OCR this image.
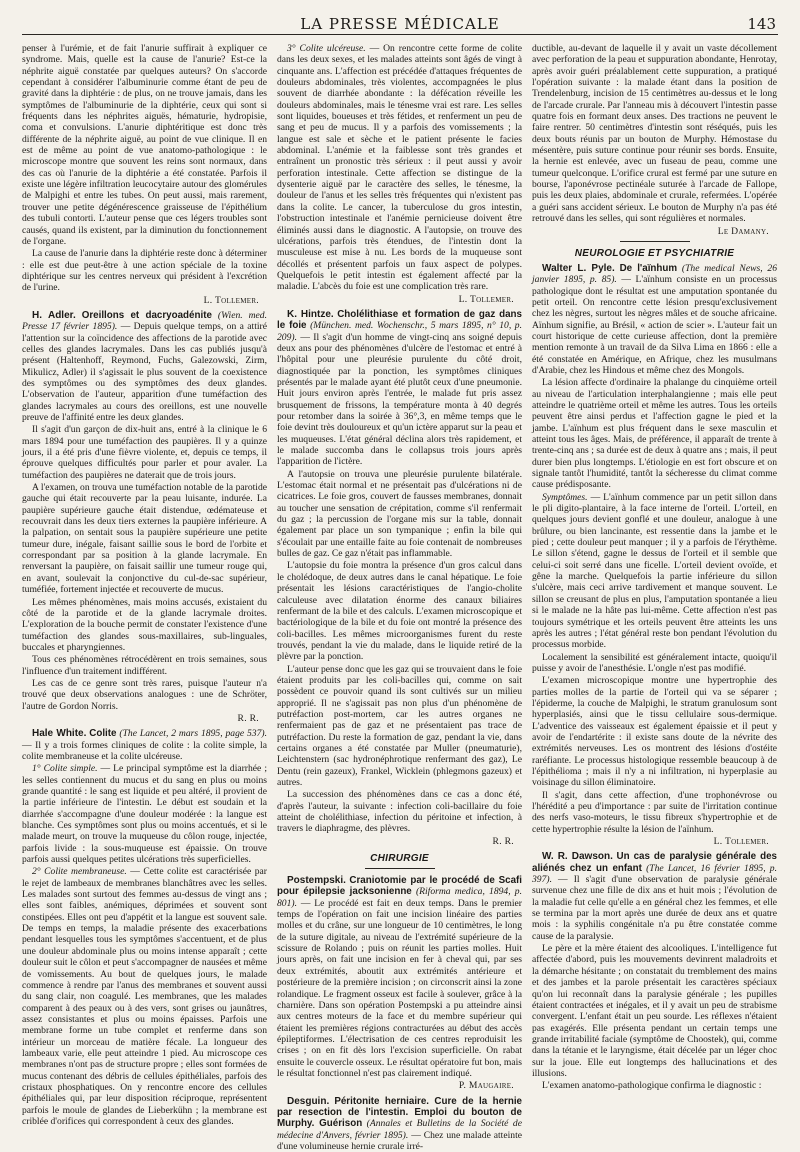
LA PRESSE MÉDICALE	143

penser à l'urémie, et de fait l'anurie suffirait à expliquer ce syndrome. Mais, quelle est la cause de l'anurie? Est-ce la néphrite aiguë constatée par quelques auteurs? On s'accorde cependant à considérer l'albuminurie comme étant de peu de gravité dans la diphtérie : de plus, on ne trouve jamais, dans les symptômes de l'albuminurie de la diphtérie, ceux qui sont si fréquents dans les néphrites aiguës, hématurie, hydropisie, coma et convulsions. L'anurie diphtéritique est donc très différente de la néphrite aiguë, au point de vue clinique. Il en est de même au point de vue anatomo-pathologique : le microscope montre que souvent les reins sont normaux, dans des cas où l'anurie de la diphtérie a été constatée. Parfois il existe une légère infiltration leucocytaire autour des glomérules de Malpighi et entre les tubes. On peut aussi, mais rarement, trouver une petite dégénérescence graisseuse de l'épithélium des tubuli contorti. L'auteur pense que ces légers troubles sont causés, quand ils existent, par la diminution du fonctionnement de l'organe.

La cause de l'anurie dans la diphtérie reste donc à déterminer : elle est due peut-être à une action spéciale de la toxine diphtérique sur les centres nerveux qui président à l'excrétion de l'urine.

L. Tollemer.

H. Adler. Oreillons et dacryoadénite (Wien. med. Presse 17 février 1895). — Depuis quelque temps, on a attiré l'attention sur la coïncidence des affections de la parotide avec celles des glandes lacrymales. Dans les cas publiés jusqu'à présent (Haltenhoff, Reymond, Fuchs, Galezowski, Zirm, Mikulicz, Adler) il s'agissait le plus souvent de la coexistence des symptômes ou des symptômes des deux glandes. L'observation de l'auteur, apparition d'une tuméfaction des glandes lacrymales au cours des oreillons, est une nouvelle preuve de l'affinité entre les deux glandes.

Il s'agit d'un garçon de dix-huit ans, entré à la clinique le 6 mars 1894 pour une tuméfaction des paupières. Il y a quinze jours, il a été pris d'une fièvre violente, et, depuis ce temps, il éprouve quelques difficultés pour parler et pour avaler. La tuméfaction des paupières ne daterait que de trois jours.

A l'examen, on trouva une tuméfaction notable de la parotide gauche qui était recouverte par la peau luisante, indurée. La paupière supérieure gauche était distendue, œdémateuse et recouvrait dans les deux tiers externes la paupière inférieure. A la palpation, on sentait sous la paupière supérieure une petite tumeur dure, inégale, faisant saillie sous le bord de l'orbite et correspondant par sa position à la glande lacrymale. En renversant la paupière, on faisait saillir une tumeur rouge qui, en avant, soulevait la conjonctive du cul-de-sac supérieur, tuméfiée, fortement injectée et recouverte de mucus.

Les mêmes phénomènes, mais moins accusés, existaient du côté de la parotide et de la glande lacrymale droites. L'exploration de la bouche permit de constater l'existence d'une tuméfaction des glandes sous-maxillaires, sub-linguales, buccales et pharyngiennes.

Tous ces phénomènes rétrocédèrent en trois semaines, sous l'influence d'un traitement indifférent.

Les cas de ce genre sont très rares, puisque l'auteur n'a trouvé que deux observations analogues : une de Schröter, l'autre de Gordon Norris.

R. R.

Hale White. Colite (The Lancet, 2 mars 1895, page 537). — Il y a trois formes cliniques de colite : la colite simple, la colite membraneuse et la colite ulcéreuse.

1° Colite simple. — Le principal symptôme est la diarrhée ; les selles contiennent du mucus et du sang en plus ou moins grande quantité : le sang est liquide et peu altéré, il provient de la partie inférieure de l'intestin. Le début est soudain et la diarrhée s'accompagne d'une douleur modérée : la langue est blanche. Ces symptômes sont plus ou moins accentués, et si le malade meurt, on trouve la muqueuse du côlon rouge, injectée, parfois livide : la sous-muqueuse est épaissie. On trouve parfois aussi quelques petites ulcérations très superficielles.

2° Colite membraneuse. — Cette colite est caractérisée par le rejet de lambeaux de membranes blanchâtres avec les selles. Les malades sont surtout des femmes au-dessus de vingt ans ; elles sont faibles, anémiques, déprimées et souvent sont constipées. Elles ont peu d'appétit et la langue est souvent sale. De temps en temps, la maladie présente des exacerbations pendant lesquelles tous les symptômes s'accentuent, et de plus une douleur abdominale plus ou moins intense apparaît ; cette douleur suit le côlon et peut s'accompagner de nausées et même de vomissements. Au bout de quelques jours, le malade commence à rendre par l'anus des membranes et souvent aussi du sang clair, non coagulé. Les membranes, que les malades comparent à des peaux ou à des vers, sont grises ou jaunâtres, assez consistantes et plus ou moins épaisses. Parfois une membrane forme un tube complet et renferme dans son intérieur un morceau de matière fécale. La longueur des lambeaux varie, elle peut atteindre 1 pied. Au microscope ces membranes n'ont pas de structure propre ; elles sont formées de mucus contenant des débris de cellules épithéliales, parfois des cristaux phosphatiques. On y rencontre encore des cellules épithéliales qui, par leur disposition réciproque, représentent parfois le moule de glandes de Lieberkühn ; la membrane est criblée d'orifices qui correspondent à ceux des glandes.

3° Colite ulcéreuse. — On rencontre cette forme de colite dans les deux sexes, et les malades atteints sont âgés de vingt à cinquante ans. L'affection est précédée d'attaques fréquentes de douleurs abdominales, très violentes, accompagnées le plus souvent de diarrhée abondante : la défécation réveille les douleurs abdominales, mais le ténesme vrai est rare. Les selles sont liquides, boueuses et très fétides, et renferment un peu de sang et peu de mucus. Il y a parfois des vomissements ; la langue est sale et sèche et le patient présente le facies abdominal. L'anémie et la faiblesse sont très grandes et entraînent un pronostic très sérieux : il peut aussi y avoir perforation intestinale. Cette affection se distingue de la dysenterie aiguë par le caractère des selles, le ténesme, la douleur de l'anus et les selles très fréquentes qui n'existent pas dans la colite. Le cancer, la tuberculose du gros intestin, l'obstruction intestinale et l'anémie pernicieuse doivent être éliminés aussi dans le diagnostic. A l'autopsie, on trouve des ulcérations, parfois très étendues, de l'intestin dont la musculeuse est mise à nu. Les bords de la muqueuse sont décollés et présentent parfois un faux aspect de polypes. Quelquefois le petit intestin est également affecté par la maladie. L'abcès du foie est une complication très rare.

L. Tollemer.

K. Hintze. Cholélithiase et formation de gaz dans le foie (München. med. Wochenschr., 5 mars 1895, n° 10, p. 209). — Il s'agit d'un homme de vingt-cinq ans soigné depuis deux ans pour des phénomènes d'ulcère de l'estomac et entré à l'hôpital pour une pleurésie purulente du côté droit, diagnostiquée par la ponction, les symptômes cliniques présentés par le malade ayant été plutôt ceux d'une pneumonie. Huit jours environ après l'entrée, le malade fut pris assez brusquement de frissons, la température monta à 40 degrés pour retomber dans la soirée à 36°,3, en même temps que le foie devint très douloureux et qu'un ictère apparut sur la peau et les muqueuses. L'état général déclina alors très rapidement, et le malade succomba dans le collapsus trois jours après l'apparition de l'ictère.

A l'autopsie on trouva une pleurésie purulente bilatérale. L'estomac était normal et ne présentait pas d'ulcérations ni de cicatrices. Le foie gros, couvert de fausses membranes, donnait au toucher une sensation de crépitation, comme s'il renfermait du gaz ; la percussion de l'organe mis sur la table, donnait également par place un son tympanique ; enfin la bile qui s'écoulait par une entaille faite au foie contenait de nombreuses bulles de gaz. Ce gaz n'était pas inflammable.

L'autopsie du foie montra la présence d'un gros calcul dans le cholédoque, de deux autres dans le canal hépatique. Le foie présentait les lésions caractéristiques de l'angio-cholite calculeuse avec dilatation énorme des canaux biliaires renfermant de la bile et des calculs. L'examen microscopique et bactériologique de la bile et du foie ont montré la présence des coli-bacilles. Les mêmes microorganismes furent du reste trouvés, pendant la vie du malade, dans le liquide retiré de la plèvre par la ponction.

L'auteur pense donc que les gaz qui se trouvaient dans le foie étaient produits par les coli-bacilles qui, comme on sait possèdent ce pouvoir quand ils sont cultivés sur un milieu approprié. Il ne s'agissait pas non plus d'un phénomène de putréfaction post-mortem, car les autres organes ne renfermaient pas de gaz et ne présentaient pas trace de putréfaction. Du reste la formation de gaz, pendant la vie, dans certains organes a été constatée par Muller (pneumaturie), Leichtenstern (sac hydronéphrotique renfermant des gaz), Le Dentu (rein gazeux), Frankel, Wicklein (phlegmons gazeux) et autres.

La succession des phénomènes dans ce cas a donc été, d'après l'auteur, la suivante : infection coli-bacillaire du foie atteint de cholélithiase, infection du péritoine et infection, à travers le diaphragme, des plèvres.

R. R.
CHIRURGIE

Postempski. Craniotomie par le procédé de Scafi pour épilepsie jacksonienne (Riforma medica, 1894, p. 801). — Le procédé est fait en deux temps. Dans le premier temps de l'opération on fait une incision linéaire des parties molles et du crâne, sur une longueur de 10 centimètres, le long de la suture digitale, au niveau de l'extrémité supérieure de la scissure de Rolando ; puis on réunit les parties molles. Huit jours après, on fait une incision en fer à cheval qui, par ses deux extrémités, aboutit aux extrémités antérieure et postérieure de la première incision ; on circonscrit ainsi la zone rolandique. Le fragment osseux est facile à soulever, grâce à la charnière. Dans son opération Postempski a pu atteindre ainsi aux centres moteurs de la face et du membre supérieur qui étaient les premières régions contracturées au début des accès épileptiformes. L'électrisation de ces centres reproduisit les crises ; on en fit dès lors l'excision superficielle. On rabat ensuite le couvercle osseux. Le résultat opératoire fut bon, mais le résultat fonctionnel n'est pas clairement indiqué.

P. Maugaire.

Desguin. Péritonite herniaire. Cure de la hernie par resection de l'intestin. Emploi du bouton de Murphy. Guérison (Annales et Bulletins de la Société de médecine d'Anvers, février 1895). — Chez une malade atteinte d'une volumineuse hernie crurale irré-

ductible, au-devant de laquelle il y avait un vaste décollement avec perforation de la peau et suppuration abondante, Henrotay, après avoir guéri préalablement cette suppuration, a pratiqué l'opération suivante : la malade étant dans la position de Trendelenburg, incision de 15 centimètres au-dessus et le long de l'arcade crurale. Par l'anneau mis à découvert l'intestin passe quatre fois en formant deux anses. Des tractions ne peuvent le faire rentrer. 50 centimètres d'intestin sont réséqués, puis les deux bouts réunis par un bouton de Murphy. Hémostase du mésentère, puis suture continue pour réunir ses bords. Ensuite, la hernie est enlevée, avec un fuseau de peau, comme une tumeur quelconque. L'orifice crural est fermé par une suture en bourse, l'aponévrose pectinéale suturée à l'arcade de Fallope, puis les deux plaies, abdominale et crurale, refermées. L'opérée a guéri sans accident sérieux. Le bouton de Murphy n'a pas été retrouvé dans les selles, qui sont régulières et normales.

Le Damany.
NEUROLOGIE ET PSYCHIATRIE

Walter L. Pyle. De l'aïnhum (The medical News, 26 janvier 1895, p. 85). — L'aïnhum consiste en un processus pathologique dont le résultat est une amputation spontanée du petit orteil. On rencontre cette lésion presqu'exclusivement chez les nègres, surtout les nègres mâles et de souche africaine. Aïnhum signifie, au Brésil, « action de scier ». L'auteur fait un court historique de cette curieuse affection, dont la première mention remonte à un travail de da Silva Lima en 1866 : elle a été constatée en Amérique, en Afrique, chez les musulmans d'Arabie, chez les Hindous et même chez des Mongols.

La lésion affecte d'ordinaire la phalange du cinquième orteil au niveau de l'articulation interphalangienne ; mais elle peut atteindre le quatrième orteil et même les autres. Tous les orteils peuvent être ainsi perdus et l'affection gagne le pied et la jambe. L'aïnhum est plus fréquent dans le sexe masculin et atteint tous les âges. Mais, de préférence, il apparaît de trente à trente-cinq ans ; sa durée est de deux à quatre ans ; mais, il peut durer bien plus longtemps. L'étiologie en est fort obscure et on signale tantôt l'humidité, tantôt la sécheresse du climat comme cause prédisposante.

Symptômes. — L'aïnhum commence par un petit sillon dans le pli digito-plantaire, à la face interne de l'orteil. L'orteil, en quelques jours devient gonflé et une douleur, analogue à une brûlure, ou bien lancinante, est ressentie dans la jambe et le pied ; cette douleur peut manquer ; il y a parfois de l'érythème. Le sillon s'étend, gagne le dessus de l'orteil et il semble que celui-ci soit serré dans une ficelle. L'orteil devient ovoïde, et gêne la marche. Quelquefois la partie inférieure du sillon s'ulcère, mais ceci arrive tardivement et manque souvent. Le sillon se creusant de plus en plus, l'amputation spontanée a lieu si le malade ne la hâte pas lui-même. Cette affection n'est pas toujours symétrique et les orteils peuvent être atteints les uns après les autres ; l'état général reste bon pendant l'évolution du processus morbide.

Localement la sensibilité est généralement intacte, quoiqu'il puisse y avoir de l'anesthésie. L'ongle n'est pas modifié.

L'examen microscopique montre une hypertrophie des parties molles de la partie de l'orteil qui va se séparer ; l'épiderme, la couche de Malpighi, le stratum granulosum sont hyperplasiés, ainsi que le tissu cellulaire sous-dermique. L'adventice des vaisseaux est également épaissie et il peut y avoir de l'endartérite : il existe sans doute de la névrite des extrémités nerveuses. Les os montrent des lésions d'ostéite raréfiante. Le processus histologique ressemble beaucoup à de l'épithélioma ; mais il n'y a ni infiltration, ni hyperplasie au voisinage du sillon éliminatoire.

Il s'agit, dans cette affection, d'une trophonévrose ou l'hérédité a peu d'importance : par suite de l'irritation continue des nerfs vaso-moteurs, le tissu fibreux s'hypertrophie et de cette hypertrophie résulte la lésion de l'aïnhum.

L. Tollemer.

W. R. Dawson. Un cas de paralysie générale des aliénés chez un enfant (The Lancet, 16 février 1895, p. 397). — Il s'agit d'une observation de paralysie générale survenue chez une fille de dix ans et huit mois ; l'évolution de la maladie fut celle qu'elle a en général chez les femmes, et elle se termina par la mort après une durée de deux ans et quatre mois : la syphilis congénitale n'a pu être constatée comme cause de la paralysie.

Le père et la mère étaient des alcooliques. L'intelligence fut affectée d'abord, puis les mouvements devinrent maladroits et la démarche hésitante ; on constatait du tremblement des mains et des jambes et la parole présentait les caractères spéciaux qu'on lui reconnaît dans la paralysie générale ; les pupilles étaient contractées et inégales, et il y avait un peu de strabisme convergent. L'enfant était un peu sourde. Les réflexes n'étaient pas exagérés. Elle présenta pendant un certain temps une grande irritabilité faciale (symptôme de Choostek), qui, comme dans la tétanie et le laryngisme, était décelée par un léger choc sur la joue. Elle eut longtemps des hallucinations et des illusions.

L'examen anatomo-pathologique confirma le diagnostic :
